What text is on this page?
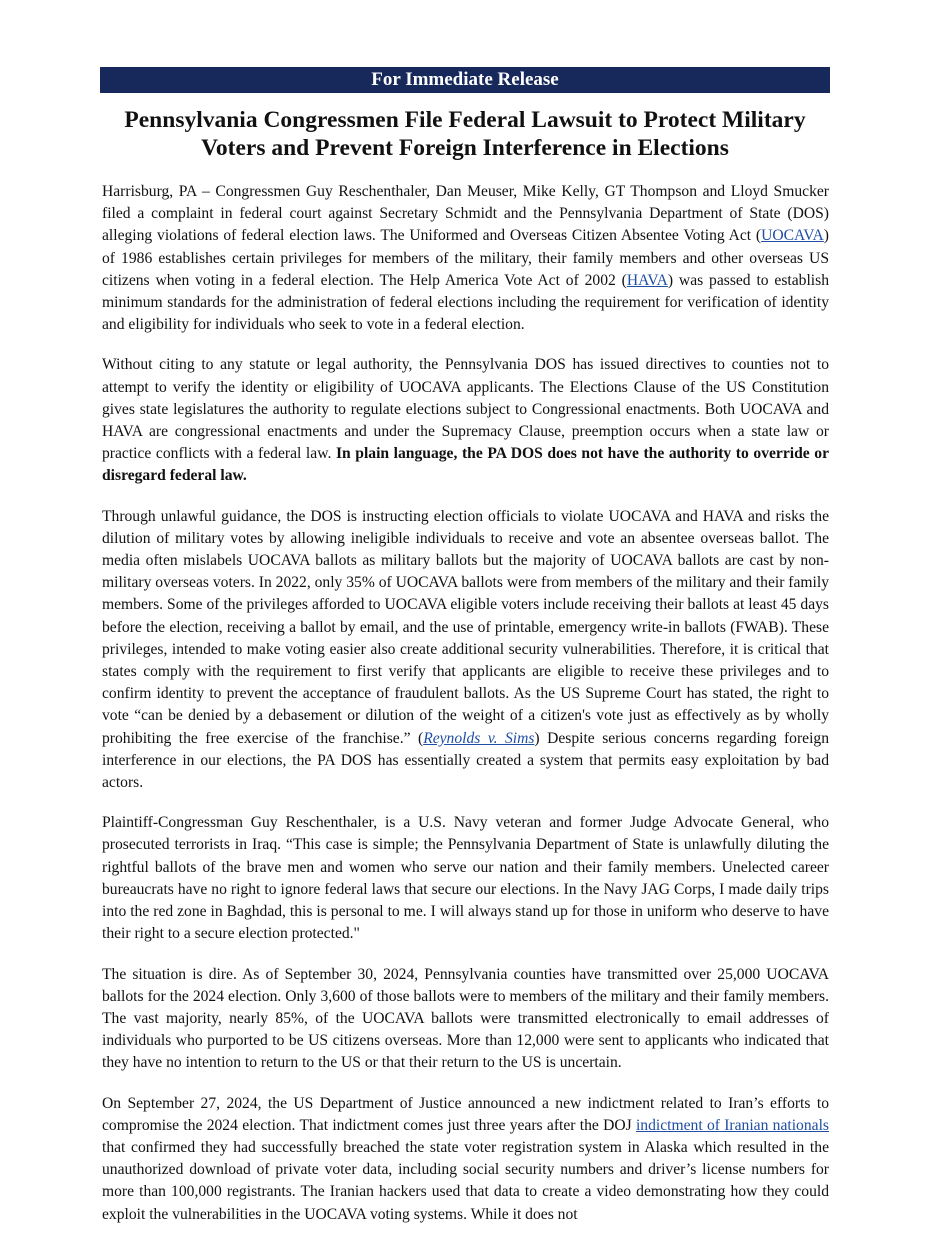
For Immediate Release
Pennsylvania Congressmen File Federal Lawsuit to Protect Military
Voters and Prevent Foreign Interference in Elections

Harrisburg, PA – Congressmen Guy Reschenthaler, Dan Meuser, Mike Kelly, GT Thompson and Lloyd Smucker filed a complaint in federal court against Secretary Schmidt and the Pennsylvania Department of State (DOS) alleging violations of federal election laws. The Uniformed and Overseas Citizen Absentee Voting Act (UOCAVA) of 1986 establishes certain privileges for members of the military, their family members and other overseas US citizens when voting in a federal election. The Help America Vote Act of 2002 (HAVA) was passed to establish minimum standards for the administration of federal elections including the requirement for verification of identity and eligibility for individuals who seek to vote in a federal election.

Without citing to any statute or legal authority, the Pennsylvania DOS has issued directives to counties not to attempt to verify the identity or eligibility of UOCAVA applicants. The Elections Clause of the US Constitution gives state legislatures the authority to regulate elections subject to Congressional enactments. Both UOCAVA and HAVA are congressional enactments and under the Supremacy Clause, preemption occurs when a state law or practice conflicts with a federal law. In plain language, the PA DOS does not have the authority to override or disregard federal law.

Through unlawful guidance, the DOS is instructing election officials to violate UOCAVA and HAVA and risks the dilution of military votes by allowing ineligible individuals to receive and vote an absentee overseas ballot. The media often mislabels UOCAVA ballots as military ballots but the majority of UOCAVA ballots are cast by non-military overseas voters. In 2022, only 35% of UOCAVA ballots were from members of the military and their family members. Some of the privileges afforded to UOCAVA eligible voters include receiving their ballots at least 45 days before the election, receiving a ballot by email, and the use of printable, emergency write-in ballots (FWAB). These privileges, intended to make voting easier also create additional security vulnerabilities. Therefore, it is critical that states comply with the requirement to first verify that applicants are eligible to receive these privileges and to confirm identity to prevent the acceptance of fraudulent ballots. As the US Supreme Court has stated, the right to vote “can be denied by a debasement or dilution of the weight of a citizen's vote just as effectively as by wholly prohibiting the free exercise of the franchise.” (Reynolds v. Sims) Despite serious concerns regarding foreign interference in our elections, the PA DOS has essentially created a system that permits easy exploitation by bad actors.

Plaintiff-Congressman Guy Reschenthaler, is a U.S. Navy veteran and former Judge Advocate General, who prosecuted terrorists in Iraq. “This case is simple; the Pennsylvania Department of State is unlawfully diluting the rightful ballots of the brave men and women who serve our nation and their family members. Unelected career bureaucrats have no right to ignore federal laws that secure our elections. In the Navy JAG Corps, I made daily trips into the red zone in Baghdad, this is personal to me. I will always stand up for those in uniform who deserve to have their right to a secure election protected."

The situation is dire. As of September 30, 2024, Pennsylvania counties have transmitted over 25,000 UOCAVA ballots for the 2024 election. Only 3,600 of those ballots were to members of the military and their family members. The vast majority, nearly 85%, of the UOCAVA ballots were transmitted electronically to email addresses of individuals who purported to be US citizens overseas. More than 12,000 were sent to applicants who indicated that they have no intention to return to the US or that their return to the US is uncertain.

On September 27, 2024, the US Department of Justice announced a new indictment related to Iran’s efforts to compromise the 2024 election. That indictment comes just three years after the DOJ indictment of Iranian nationals that confirmed they had successfully breached the state voter registration system in Alaska which resulted in the unauthorized download of private voter data, including social security numbers and driver’s license numbers for more than 100,000 registrants. The Iranian hackers used that data to create a video demonstrating how they could exploit the vulnerabilities in the UOCAVA voting systems. While it does not
